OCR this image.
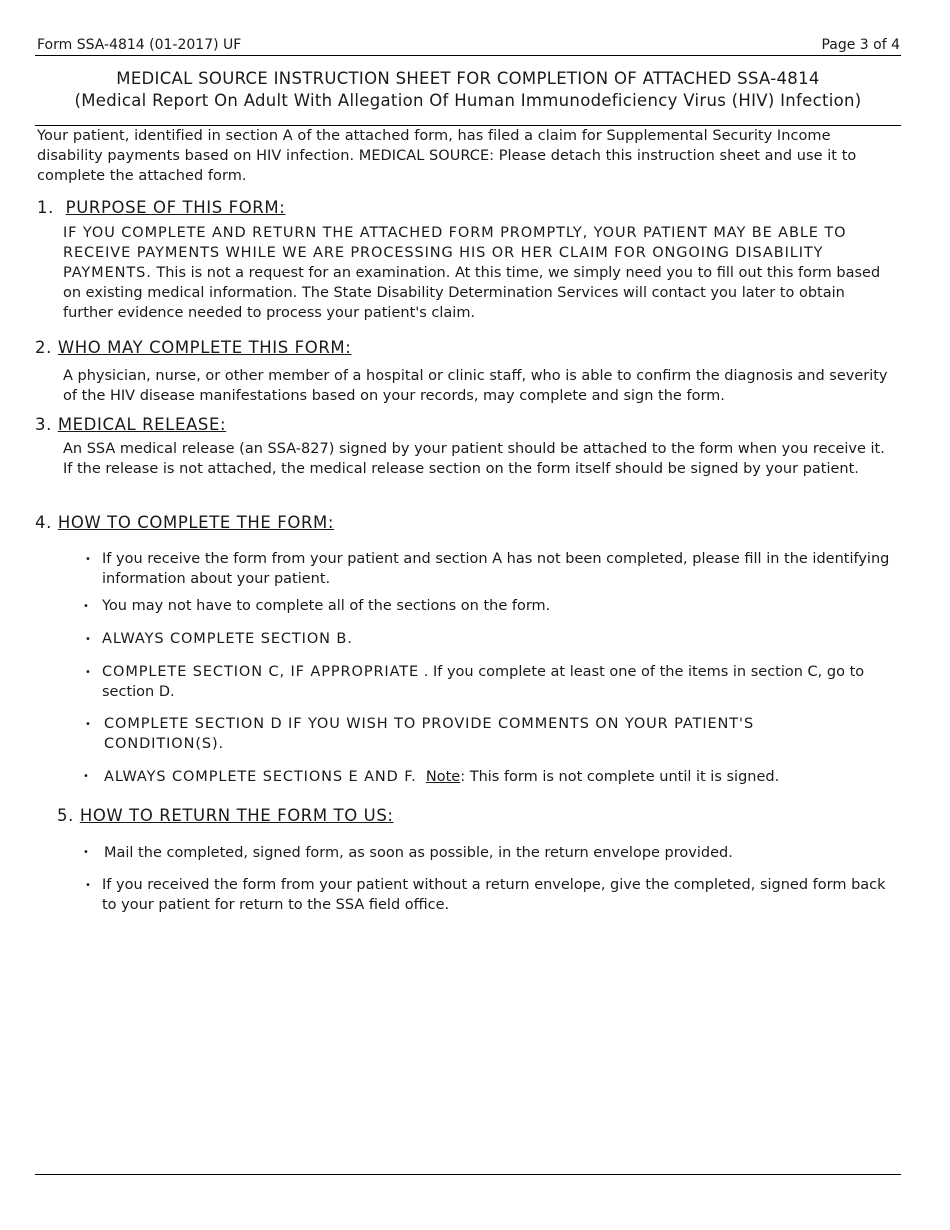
Form SSA-4814 (01-2017) UF	Page 3 of 4
MEDICAL SOURCE INSTRUCTION SHEET FOR COMPLETION OF ATTACHED SSA-4814
(Medical Report On Adult With Allegation Of Human Immunodeficiency Virus (HIV) Infection)
Your patient, identified in section A of the attached form, has filed a claim for Supplemental Security Income disability payments based on HIV infection. MEDICAL SOURCE: Please detach this instruction sheet and use it to complete the attached form.
1. PURPOSE OF THIS FORM:
IF YOU COMPLETE AND RETURN THE ATTACHED FORM PROMPTLY, YOUR PATIENT MAY BE ABLE TO RECEIVE PAYMENTS WHILE WE ARE PROCESSING HIS OR HER CLAIM FOR ONGOING DISABILITY PAYMENTS. This is not a request for an examination. At this time, we simply need you to fill out this form based on existing medical information. The State Disability Determination Services will contact you later to obtain further evidence needed to process your patient's claim.
2. WHO MAY COMPLETE THIS FORM:
A physician, nurse, or other member of a hospital or clinic staff, who is able to confirm the diagnosis and severity of the HIV disease manifestations based on your records, may complete and sign the form.
3. MEDICAL RELEASE:
An SSA medical release (an SSA-827) signed by your patient should be attached to the form when you receive it. If the release is not attached, the medical release section on the form itself should be signed by your patient.
4. HOW TO COMPLETE THE FORM:
• If you receive the form from your patient and section A has not been completed, please fill in the identifying information about your patient.
• You may not have to complete all of the sections on the form.
• ALWAYS COMPLETE SECTION B.
• COMPLETE SECTION C, IF APPROPRIATE . If you complete at least one of the items in section C, go to section D.
• COMPLETE SECTION D IF YOU WISH TO PROVIDE COMMENTS ON YOUR PATIENT'S CONDITION(S).
• ALWAYS COMPLETE SECTIONS E AND F. Note: This form is not complete until it is signed.
5. HOW TO RETURN THE FORM TO US:
• Mail the completed, signed form, as soon as possible, in the return envelope provided.
• If you received the form from your patient without a return envelope, give the completed, signed form back to your patient for return to the SSA field office.
